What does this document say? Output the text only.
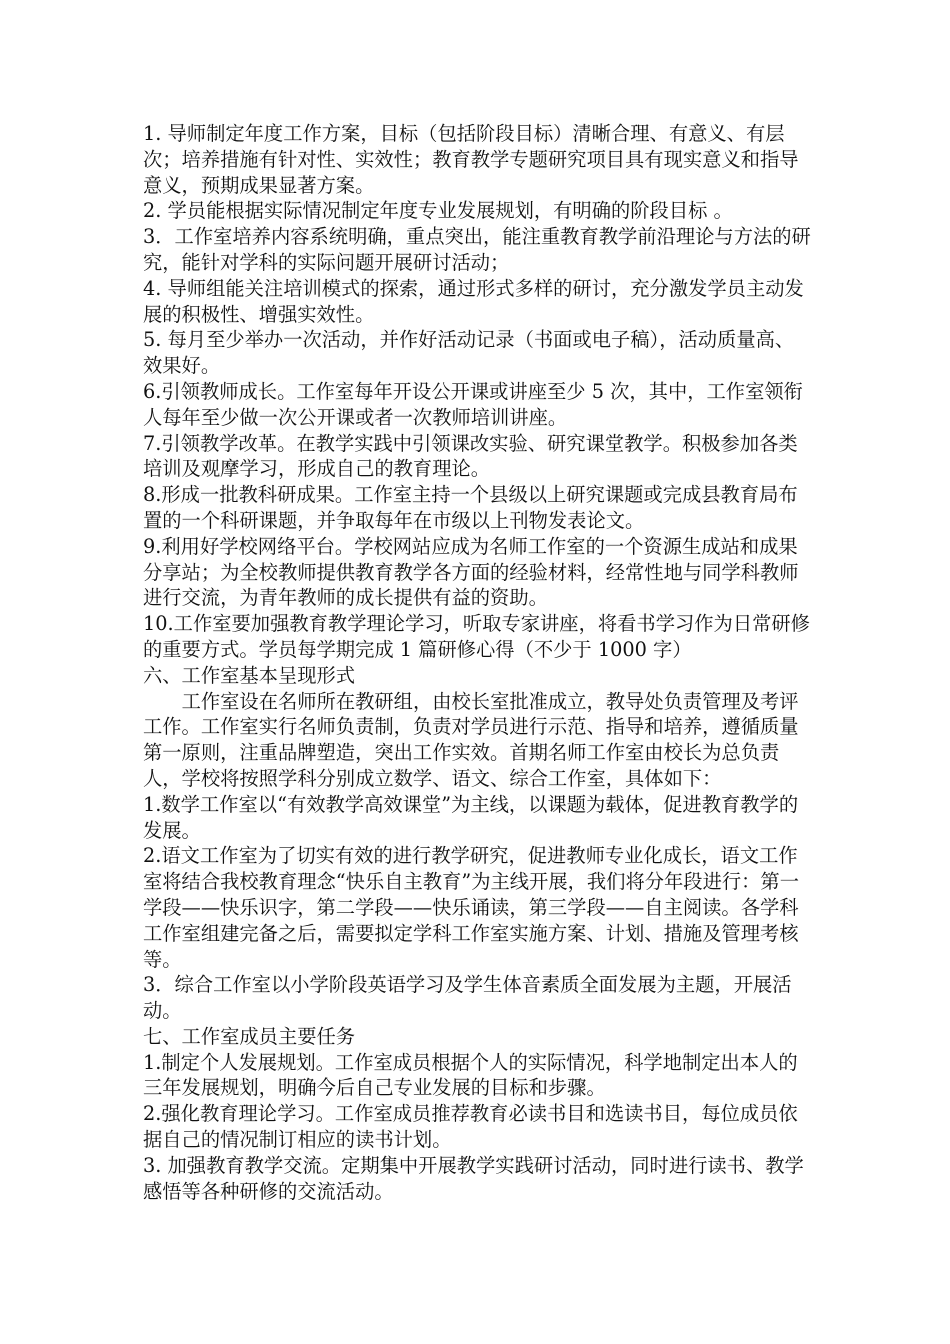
1. 导师制定年度工作方案，目标（包括阶段目标）清晰合理、有意义、有层次；培养措施有针对性、实效性；教育教学专题研究项目具有现实意义和指导意义，预期成果显著方案。

2. 学员能根据实际情况制定年度专业发展规划，有明确的阶段目标 。

3．工作室培养内容系统明确，重点突出，能注重教育教学前沿理论与方法的研究，能针对学科的实际问题开展研讨活动；

4. 导师组能关注培训模式的探索，通过形式多样的研讨，充分激发学员主动发展的积极性、增强实效性。

5. 每月至少举办一次活动，并作好活动记录（书面或电子稿），活动质量高、效果好。

6.引领教师成长。工作室每年开设公开课或讲座至少 5 次，其中，工作室领衔人每年至少做一次公开课或者一次教师培训讲座。

7.引领教学改革。在教学实践中引领课改实验、研究课堂教学。积极参加各类培训及观摩学习，形成自己的教育理论。

8.形成一批教科研成果。工作室主持一个县级以上研究课题或完成县教育局布置的一个科研课题，并争取每年在市级以上刊物发表论文。

9.利用好学校网络平台。学校网站应成为名师工作室的一个资源生成站和成果分享站；为全校教师提供教育教学各方面的经验材料，经常性地与同学科教师进行交流，为青年教师的成长提供有益的资助。

10.工作室要加强教育教学理论学习，听取专家讲座，将看书学习作为日常研修的重要方式。学员每学期完成 1 篇研修心得（不少于 1000 字）

六、工作室基本呈现形式

工作室设在名师所在教研组，由校长室批准成立，教导处负责管理及考评工作。工作室实行名师负责制，负责对学员进行示范、指导和培养，遵循质量第一原则，注重品牌塑造，突出工作实效。首期名师工作室由校长为总负责人，学校将按照学科分别成立数学、语文、综合工作室，具体如下：

1.数学工作室以“有效教学高效课堂”为主线，以课题为载体，促进教育教学的发展。

2.语文工作室为了切实有效的进行教学研究，促进教师专业化成长，语文工作室将结合我校教育理念“快乐自主教育”为主线开展，我们将分年段进行：第一学段——快乐识字，第二学段——快乐诵读，第三学段——自主阅读。各学科工作室组建完备之后，需要拟定学科工作室实施方案、计划、措施及管理考核等。

3．综合工作室以小学阶段英语学习及学生体音素质全面发展为主题，开展活动。

七、工作室成员主要任务

1.制定个人发展规划。工作室成员根据个人的实际情况，科学地制定出本人的三年发展规划，明确今后自己专业发展的目标和步骤。

2.强化教育理论学习。工作室成员推荐教育必读书目和选读书目，每位成员依据自己的情况制订相应的读书计划。

3. 加强教育教学交流。定期集中开展教学实践研讨活动，同时进行读书、教学感悟等各种研修的交流活动。
